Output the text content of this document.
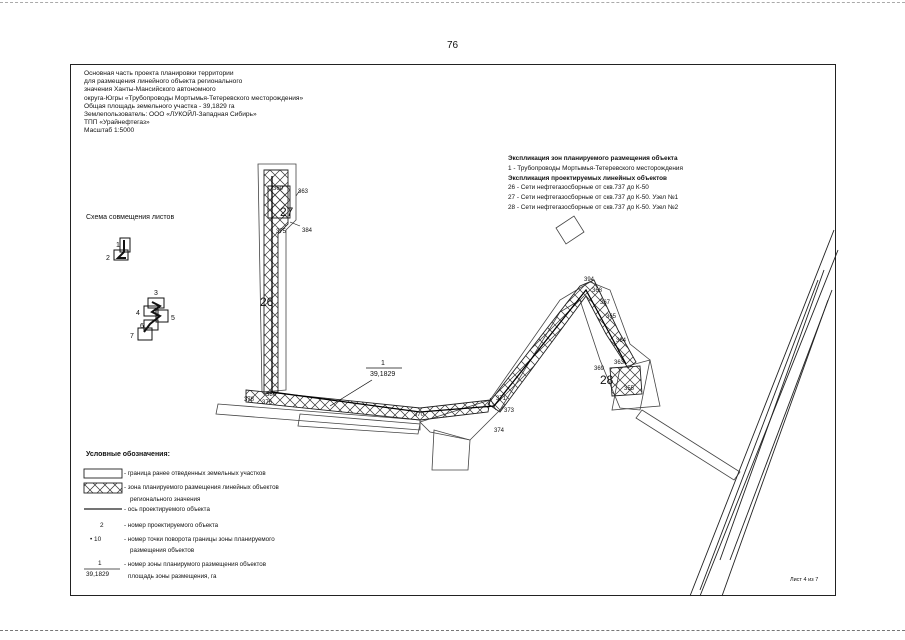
76
Основная часть проекта планировки территории
для размещения линейного объекта регионального
значения Ханты-Мансийского автономного
округа-Югры «Трубопроводы Мортымья-Тетеревского месторождения»
Общая площадь земельного участка - 39,1829 га
Землепользователь: ООО «ЛУКОЙЛ-Западная Сибирь»
ТПП «Урайнефтегаз»
Масштаб 1:5000
Экспликация зон планируемого размещения объекта
1 - Трубопроводы Мортымья-Тетеревского месторождения
Экспликация проектируемых линейных объектов
26 - Сети нефтегазосборные от скв.737 до К-50
27 - Сети нефтегазосборные от скв.737 до К-50. Узел №1
28 - Сети нефтегазосборные от скв.737 до К-50. Узел №2
Схема совмещения листов
1
2
3
4
5
6
7
360 363
375	384
386
376
378
370
373
371
374
394
368
367
365
364
369
363
355
26
27
28
1
39,1829
2
• 10
1
39,1829
Условные обозначения:
- граница ранее отведенных земельных участков
- зона планируемого размещения линейных объектов
регионального значения
- ось проектируемого объекта
- номер проектируемого объекта
- номер точки поворота границы зоны планируемого
размещения объектов
- номер зоны планирумого размещения объектов
площадь зоны размещения, га	Лист 4 из 7
